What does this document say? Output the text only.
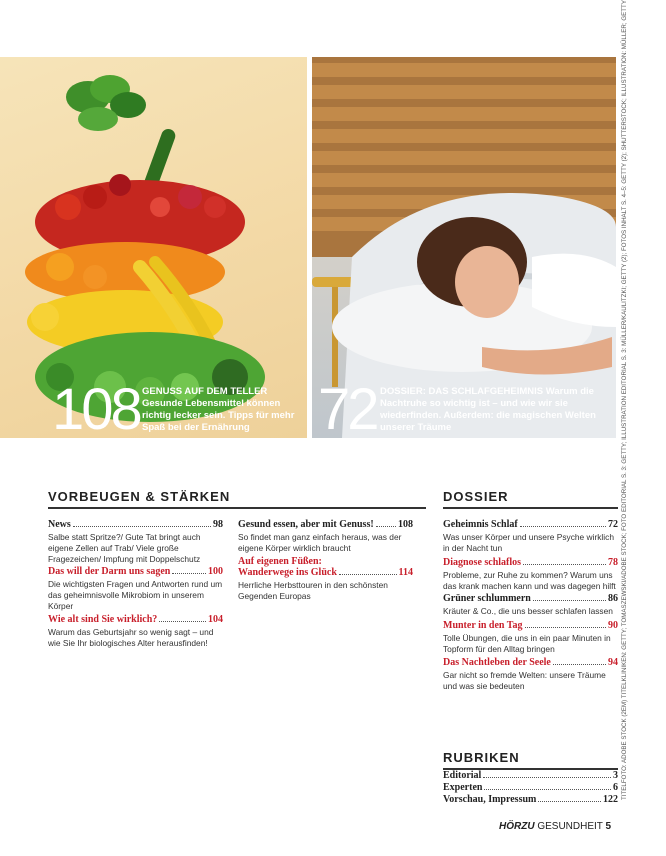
108 GENUSS AUF DEM TELLER Gesunde Lebensmittel können richtig lecker sein. Tipps für mehr Spaß bei der Ernährung	72 DOSSIER: DAS SCHLAFGEHEIMNIS Warum die Nachtruhe so wichtig ist – und wie wir sie wiederfinden. Außerdem: die magischen Welten unserer Träume	TITELFOTO: ADOBE STOCK (2EM) TITELKLINIKEN: GETTY; TOMASZEWSKI/ADOBE STOCK; FOTO EDITORIAL S. 3: GETTY; ILLUSTRATION EDITORIAL S. 3: MÜLLER/KAULITZKI; GETTY (2); FOTOS INHALT S. 4–5: GETTY (2); SHUTTERSTOCK; ILLUSTRATION: MÜLLER; GETTY
VORBEUGEN & STÄRKEN	DOSSIER
News	98
Salbe statt Spritze?/ Gute Tat bringt auch eigene Zellen auf Trab/ Viele große Fragezeichen/ Impfung mit Doppelschutz
Das will der Darm uns sagen	100
Die wichtigsten Fragen und Antworten rund um das geheimnisvolle Mikrobiom in unserem Körper
Wie alt sind Sie wirklich?	104
Warum das Geburtsjahr so wenig sagt – und wie Sie Ihr biologisches Alter herausfinden!
Gesund essen, aber mit Genuss! 108
So findet man ganz einfach heraus, was der eigene Körper wirklich braucht
Auf eigenen Füßen:
Wanderwege ins Glück	114
Herrliche Herbsttouren in den schönsten Gegenden Europas
Geheimnis Schlaf	72
Was unser Körper und unsere Psyche wirklich in der Nacht tun
Diagnose schlaflos	78
Probleme, zur Ruhe zu kommen? Warum uns das krank machen kann und was dagegen hilft
Grüner schlummern	86
Kräuter & Co., die uns besser schlafen lassen
Munter in den Tag	90
Tolle Übungen, die uns in ein paar Minuten in Topform für den Alltag bringen
Das Nachtleben der Seele	94
Gar nicht so fremde Welten: unsere Träume und was sie bedeuten
RUBRIKEN
Editorial	3
Experten	6
Vorschau, Impressum	122
HÖRZU GESUNDHEIT 5
